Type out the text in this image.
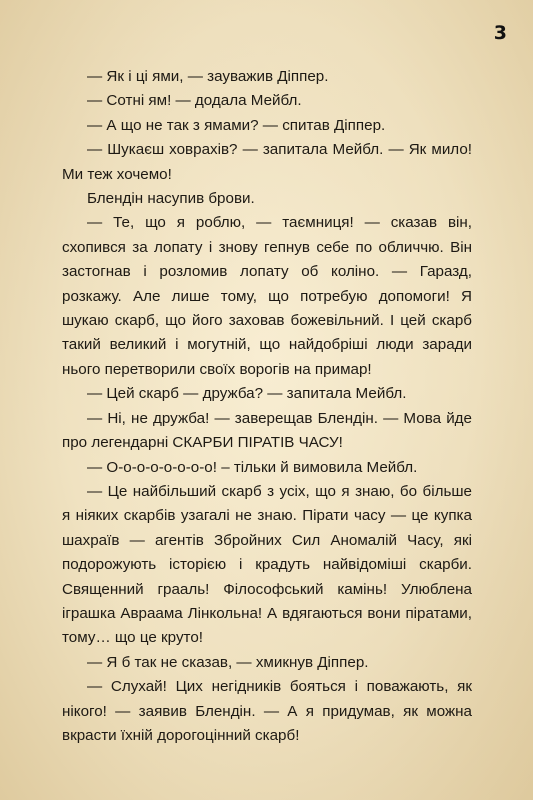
3

— Як і ці ями, — зауважив Діппер.

— Сотні ям! — додала Мейбл.

— А що не так з ямами? — спитав Діппер.

— Шукаєш ховрахів? — запитала Мейбл. — Як мило! Ми теж хочемо!

Блендін насупив брови.

— Те, що я роблю, — таємниця! — сказав він, схопився за лопату і знову гепнув себе по обличчю. Він застогнав і розломив лопату об коліно. — Гаразд, розкажу. Але лише тому, що потребую допомоги! Я шукаю скарб, що його заховав божевільний. І цей скарб такий великий і могутній, що найдобріші люди заради нього перетворили своїх ворогів на примар!

— Цей скарб — дружба? — запитала Мейбл.

— Ні, не дружба! — заверещав Блендін. — Мова йде про легендарні СКАРБИ ПІРАТІВ ЧАСУ!

— О-о-о-о-о-о-о-о! – тільки й вимовила Мейбл.

— Це найбільший скарб з усіх, що я знаю, бо більше я ніяких скарбів узагалі не знаю. Пірати часу — це купка шахраїв — агентів Збройних Сил Аномалій Часу, які подорожують історією і крадуть найвідоміші скарби. Священний грааль! Філософський камінь! Улюблена іграшка Авраама Лінкольна! А вдягаються вони піратами, тому… що це круто!

— Я б так не сказав, — хмикнув Діппер.

— Слухай! Цих негідників бояться і поважають, як нікого! — заявив Блендін. — А я придумав, як можна вкрасти їхній дорогоцінний скарб!
